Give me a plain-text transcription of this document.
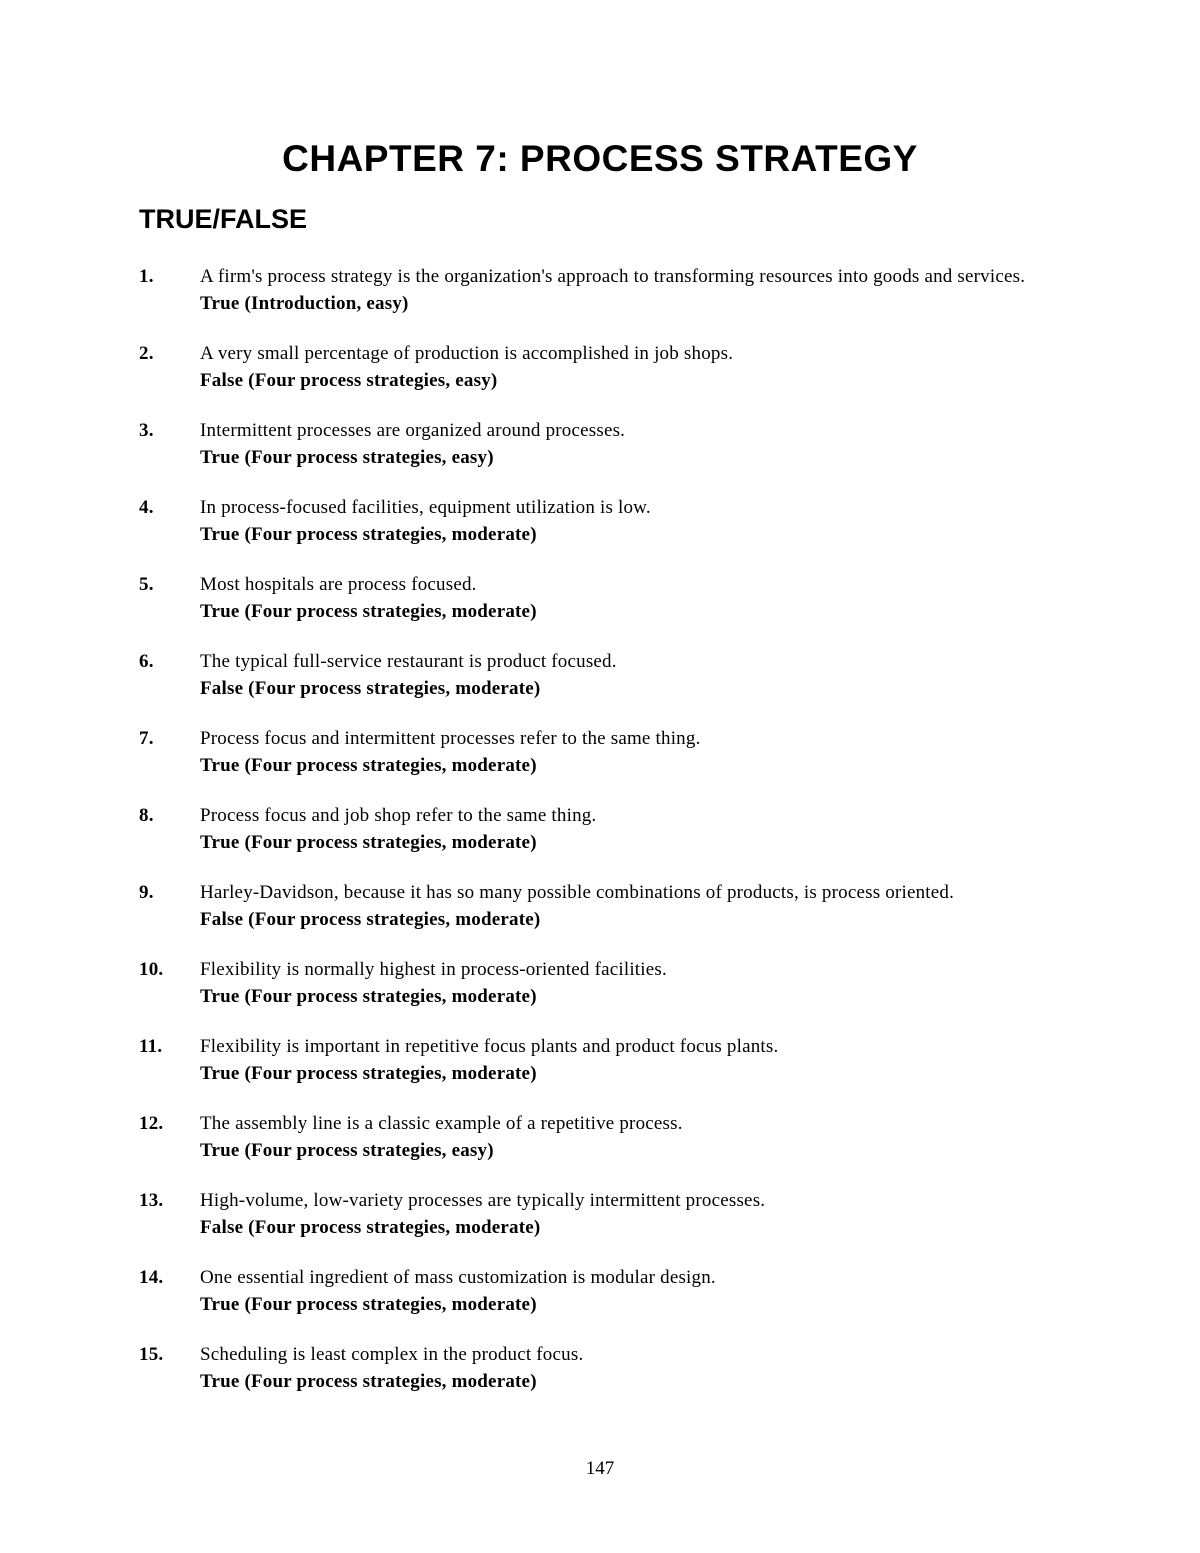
CHAPTER 7: PROCESS STRATEGY
TRUE/FALSE
1.	A firm's process strategy is the organization's approach to transforming resources into goods and services.
True (Introduction, easy)
2.	A very small percentage of production is accomplished in job shops.
False (Four process strategies, easy)
3.	Intermittent processes are organized around processes.
True (Four process strategies, easy)
4.	In process-focused facilities, equipment utilization is low.
True (Four process strategies, moderate)
5.	Most hospitals are process focused.
True (Four process strategies, moderate)
6.	The typical full-service restaurant is product focused.
False (Four process strategies, moderate)
7.	Process focus and intermittent processes refer to the same thing.
True (Four process strategies, moderate)
8.	Process focus and job shop refer to the same thing.
True (Four process strategies, moderate)
9.	Harley-Davidson, because it has so many possible combinations of products, is process oriented.
False (Four process strategies, moderate)
10.	Flexibility is normally highest in process-oriented facilities.
True (Four process strategies, moderate)
11.	Flexibility is important in repetitive focus plants and product focus plants.
True (Four process strategies, moderate)
12.	The assembly line is a classic example of a repetitive process.
True (Four process strategies, easy)
13.	High-volume, low-variety processes are typically intermittent processes.
False (Four process strategies, moderate)
14.	One essential ingredient of mass customization is modular design.
True (Four process strategies, moderate)
15.	Scheduling is least complex in the product focus.
True (Four process strategies, moderate)
147
